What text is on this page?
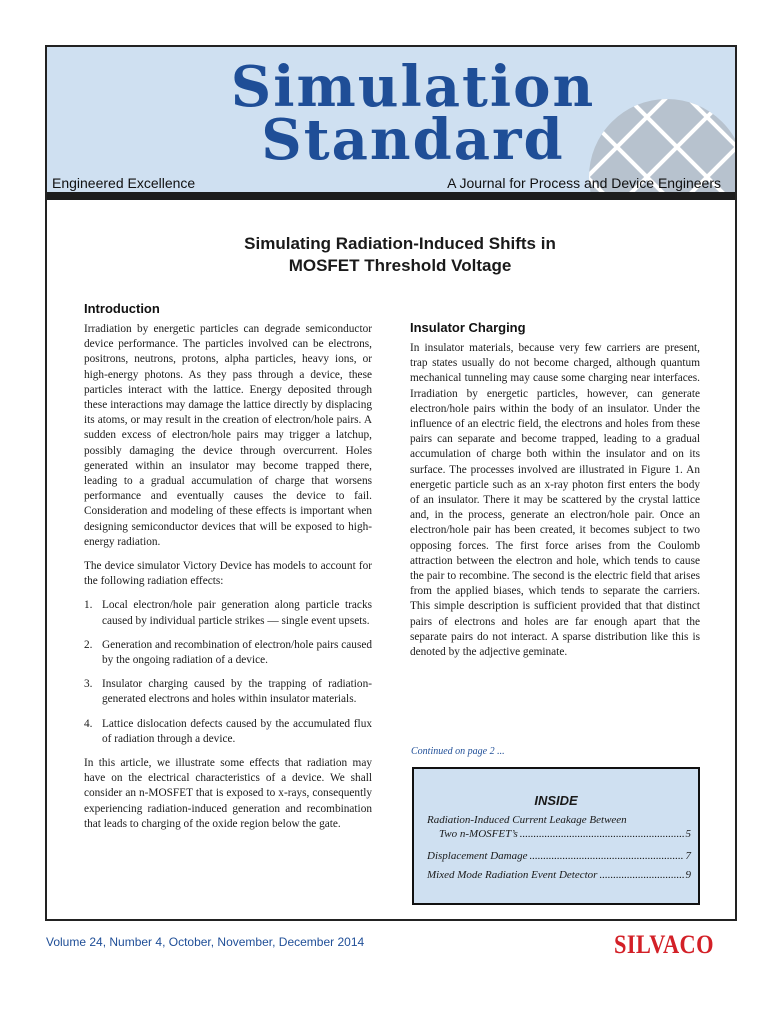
Simulation
Standard
Engineered Excellence	A Journal for Process and Device Engineers
Simulating Radiation-Induced Shifts in
MOSFET Threshold Voltage
Introduction

Irradiation by energetic particles can degrade semiconductor device performance. The particles involved can be electrons, positrons, neutrons, protons, alpha particles, heavy ions, or high-energy photons. As they pass through a device, these particles interact with the lattice. Energy deposited through these interactions may damage the lattice directly by displacing its atoms, or may result in the creation of electron/hole pairs. A sudden excess of electron/hole pairs may trigger a latchup, possibly damaging the device through overcurrent. Holes generated within an insulator may become trapped there, leading to a gradual accumulation of charge that worsens performance and eventually causes the device to fail. Consideration and modeling of these effects is important when designing semiconductor devices that will be exposed to high-energy radiation.

The device simulator Victory Device has models to account for the following radiation effects:

1. Local electron/hole pair generation along particle tracks caused by individual particle strikes — single event upsets.
2. Generation and recombination of electron/hole pairs caused by the ongoing radiation of a device.
3. Insulator charging caused by the trapping of radiation-generated electrons and holes within insulator materials.
4. Lattice dislocation defects caused by the accumulated flux of radiation through a device.

In this article, we illustrate some effects that radiation may have on the electrical characteristics of a device. We shall consider an n-MOSFET that is exposed to x-rays, consequently experiencing radiation-induced generation and recombination that leads to charging of the oxide region below the gate.

Insulator Charging

In insulator materials, because very few carriers are present, trap states usually do not become charged, although quantum mechanical tunneling may cause some charging near interfaces. Irradiation by energetic particles, however, can generate electron/hole pairs within the body of an insulator. Under the influence of an electric field, the electrons and holes from these pairs can separate and become trapped, leading to a gradual accumulation of charge both within the insulator and on its surface. The processes involved are illustrated in Figure 1. An energetic particle such as an x-ray photon first enters the body of an insulator. There it may be scattered by the crystal lattice and, in the process, generate an electron/hole pair. Once an electron/hole pair has been created, it becomes subject to two opposing forces. The first force arises from the Coulomb attraction between the electron and hole, which tends to cause the pair to recombine. The second is the electric field that arises from the applied biases, which tends to separate the carriers. This simple description is sufficient provided that that distinct pairs of electrons and holes are far enough apart that the separate pairs do not interact. A sparse distribution like this is denoted by the adjective geminate.

Continued on page 2 ...
INSIDE
Radiation-Induced Current Leakage Between
Two n-MOSFET’s .....	5
Displacement Damage .....	7
Mixed Mode Radiation Event Detector .....	9
Volume 24, Number 4, October, November, December 2014	SILVACO
